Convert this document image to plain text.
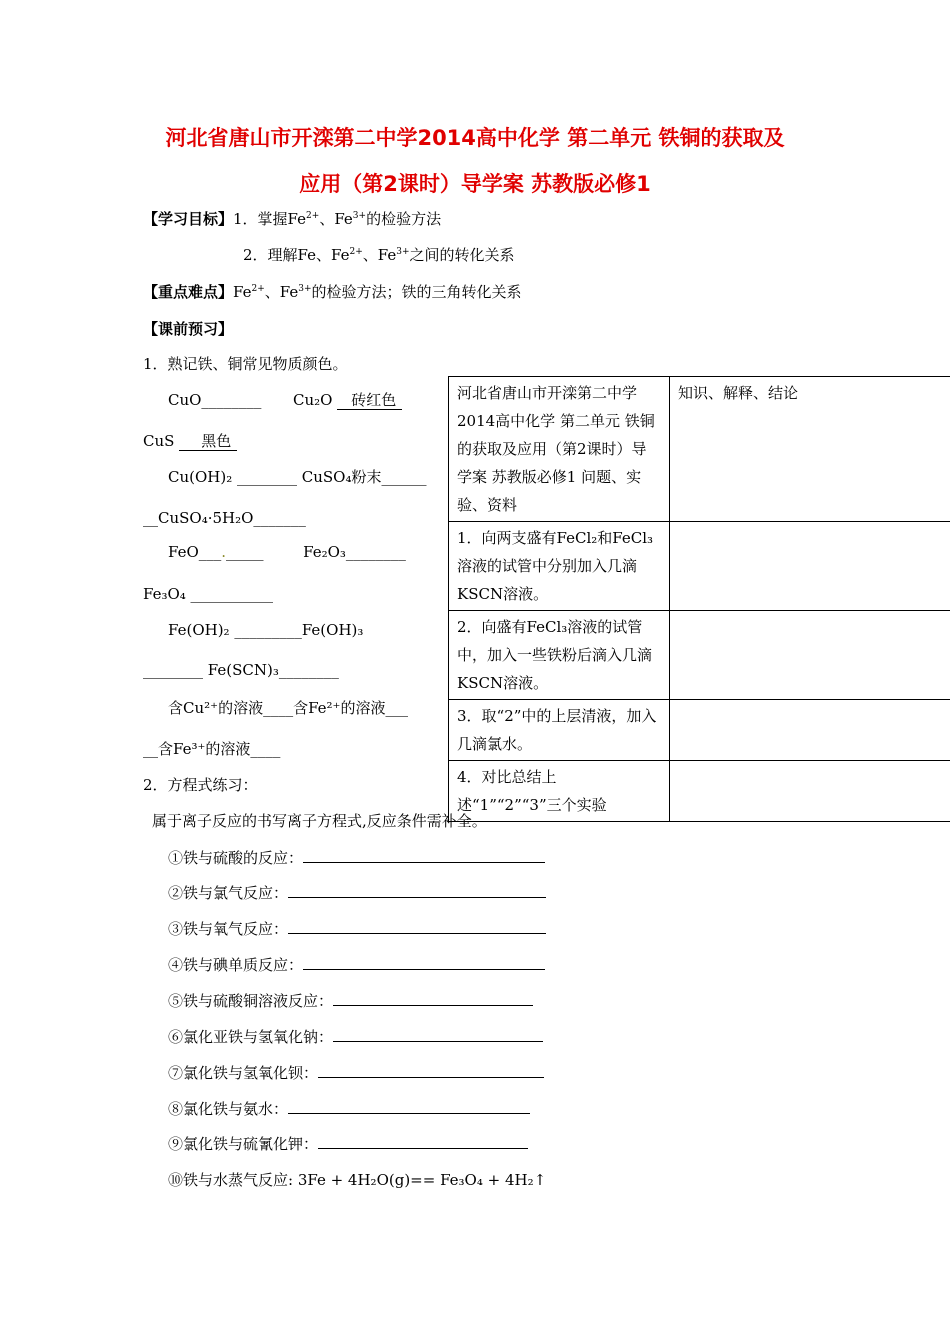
河北省唐山市开滦第二中学2014高中化学 第二单元 铁铜的获取及
应用（第2课时）导学案 苏教版必修1
【学习目标】1．掌握$Fe^{2+}$、$Fe^{3+}$的检验方法
2．理解Fe、$Fe^{2+}$、$Fe^{3+}$之间的转化关系
【重点难点】$Fe^{2+}$、$Fe^{3+}$的检验方法；铁的三角转化关系
【课前预习】
1．熟记铁、铜常见物质颜色。
CuO________ Cu₂O 砖红色
CuS 黑色
Cu(OH)₂ ________ CuSO₄粉末______
__CuSO₄·5H₂O_______
FeO___._____	Fe₂O₃________
Fe₃O₄ ___________
Fe(OH)₂ _________Fe(OH)₃
________ Fe(SCN)₃________
含Cu²⁺的溶液____含Fe²⁺的溶液___
__含Fe³⁺的溶液____
2．方程式练习：
河北省唐山市开滦第二中学2014高中化学 第二单元 铁铜的获取及应用（第2课时）导学案 苏教版必修1 问题、实验、资料	知识、解释、结论
1．向两支盛有FeCl₂和FeCl₃溶液的试管中分别加入几滴KSCN溶液。	
2．向盛有FeCl₃溶液的试管中，加入一些铁粉后滴入几滴KSCN溶液。	
3．取“2”中的上层清液，加入几滴氯水。	
4．对比总结上述“1”“2”“3”三个实验	
属于离子反应的书写离子方程式,反应条件需补全。
①铁与硫酸的反应：
②铁与氯气反应：
③铁与氧气反应：
④铁与碘单质反应：
⑤铁与硫酸铜溶液反应：
⑥氯化亚铁与氢氧化钠：
⑦氯化铁与氢氧化钡：
⑧氯化铁与氨水：
⑨氯化铁与硫氰化钾：
⑩铁与水蒸气反应: 3Fe + 4H₂O(g)== Fe₃O₄ + 4H₂↑
